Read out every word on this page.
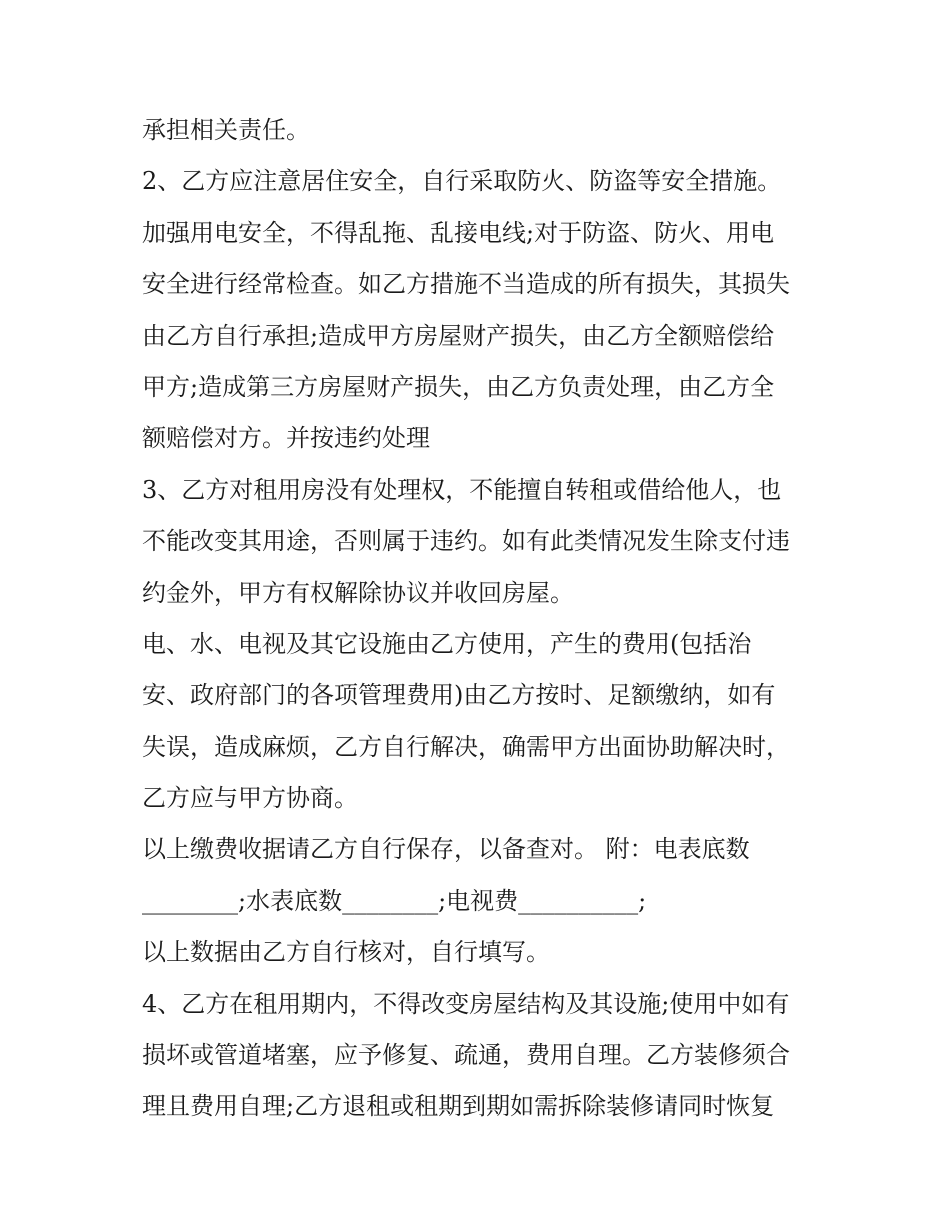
承担相关责任。
2、乙方应注意居住安全，自行采取防火、防盗等安全措施。
加强用电安全，不得乱拖、乱接电线;对于防盗、防火、用电
安全进行经常检查。如乙方措施不当造成的所有损失，其损失
由乙方自行承担;造成甲方房屋财产损失，由乙方全额赔偿给
甲方;造成第三方房屋财产损失，由乙方负责处理，由乙方全
额赔偿对方。并按违约处理
3、乙方对租用房没有处理权，不能擅自转租或借给他人，也
不能改变其用途，否则属于违约。如有此类情况发生除支付违
约金外，甲方有权解除协议并收回房屋。
电、水、电视及其它设施由乙方使用，产生的费用(包括治
安、政府部门的各项管理费用)由乙方按时、足额缴纳，如有
失误，造成麻烦，乙方自行解决，确需甲方出面协助解决时，
乙方应与甲方协商。
以上缴费收据请乙方自行保存，以备查对。 附：电表底数
________;水表底数________;电视费__________;
以上数据由乙方自行核对，自行填写。
4、乙方在租用期内，不得改变房屋结构及其设施;使用中如有
损坏或管道堵塞，应予修复、疏通，费用自理。乙方装修须合
理且费用自理;乙方退租或租期到期如需拆除装修请同时恢复
